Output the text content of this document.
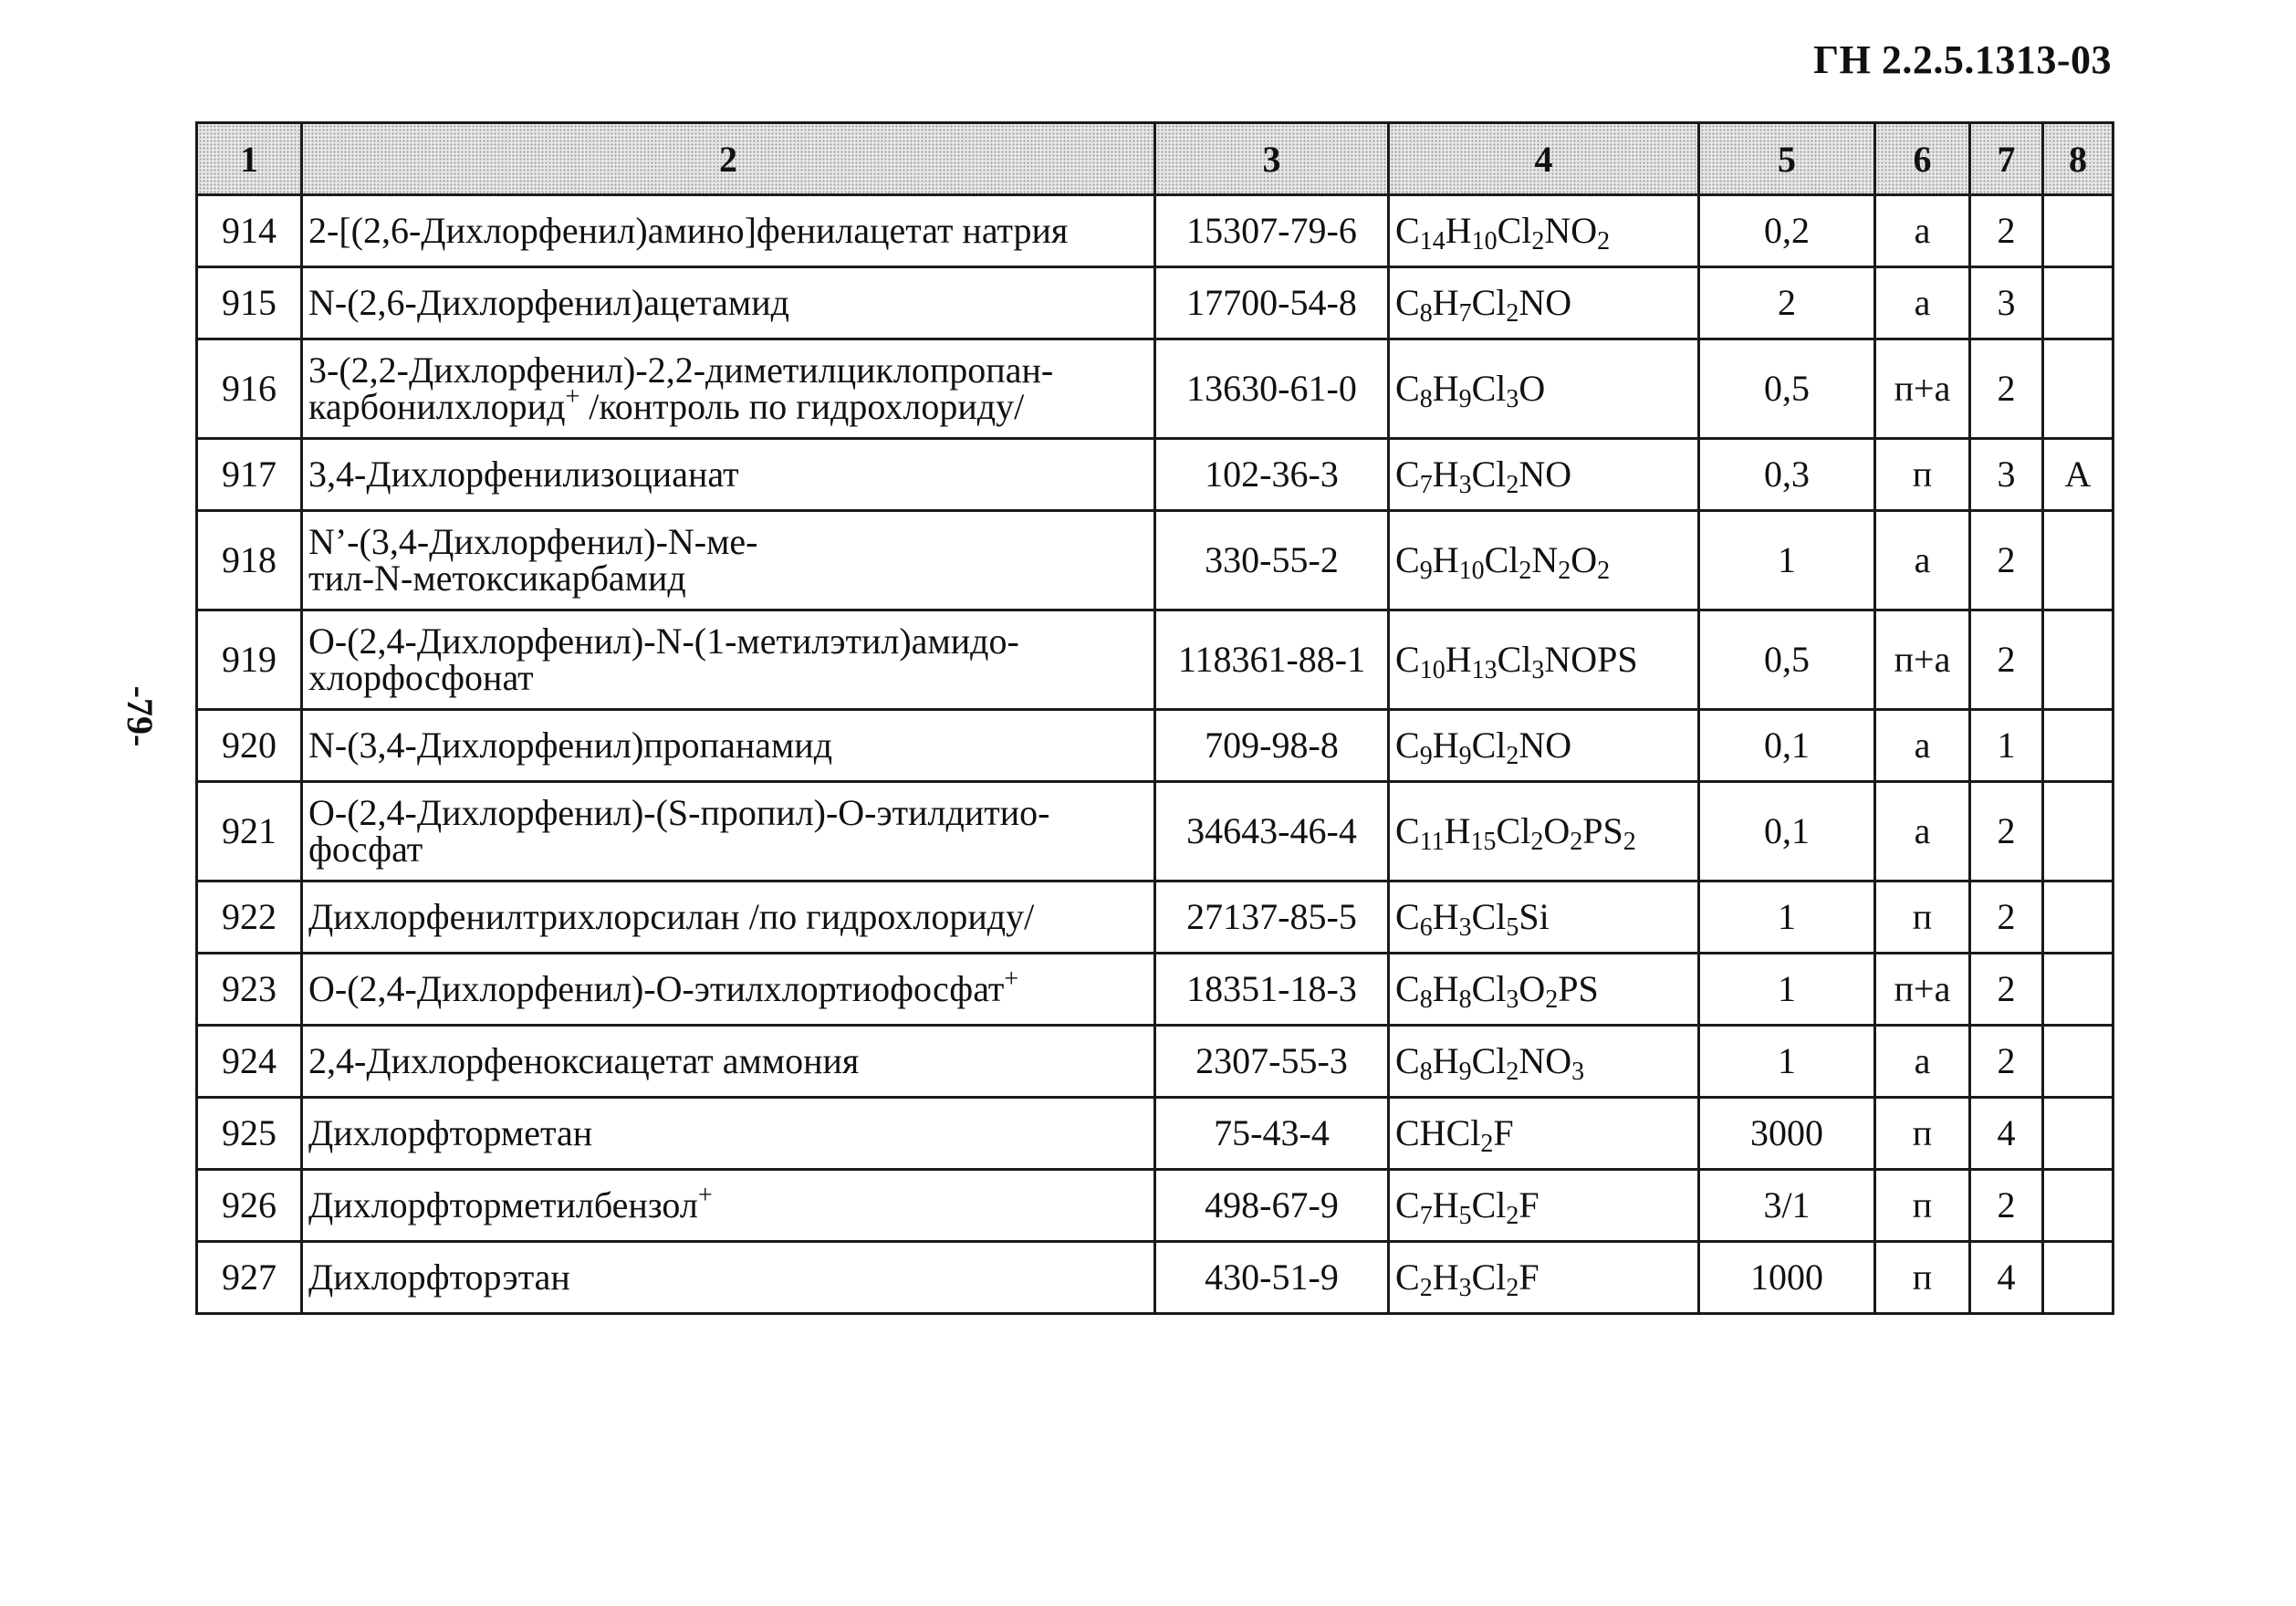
ГН 2.2.5.1313-03
-79-
1	2	3	4	5	6	7	8
914	2-[(2,6-Дихлорфенил)амино]фенилацетат натрия	15307-79-6	$C_{14}H_{10}Cl_2NO_2$	0,2	а	2	
915	N-(2,6-Дихлорфенил)ацетамид	17700-54-8	$C_8H_7Cl_2NO$	2	а	3	
916	3-(2,2-Дихлорфенил)-2,2-диметилциклопропан-
карбонилхлорид+ /контроль по гидрохлориду/	13630-61-0	$C_8H_9Cl_3O$	0,5	п+а	2	
917	3,4-Дихлорфенилизоцианат	102-36-3	$C_7H_3Cl_2NO$	0,3	п	3	А
918	N’-(3,4-Дихлорфенил)-N-ме-
тил-N-метоксикарбамид	330-55-2	$C_9H_{10}Cl_2N_2O_2$	1	а	2	
919	O-(2,4-Дихлорфенил)-N-(1-метилэтил)амидо-
хлорфосфонат	118361-88-1	$C_{10}H_{13}Cl_3NOPS$	0,5	п+а	2	
920	N-(3,4-Дихлорфенил)пропанамид	709-98-8	$C_9H_9Cl_2NO$	0,1	а	1	
921	O-(2,4-Дихлорфенил)-(S-пропил)-O-этилдитио-
фосфат	34643-46-4	$C_{11}H_{15}Cl_2O_2PS_2$	0,1	а	2	
922	Дихлорфенилтрихлорсилан /по гидрохлориду/	27137-85-5	$C_6H_3Cl_5Si$	1	п	2	
923	O-(2,4-Дихлорфенил)-O-этилхлортиофосфат+	18351-18-3	$C_8H_8Cl_3O_2PS$	1	п+а	2	
924	2,4-Дихлорфеноксиацетат аммония	2307-55-3	$C_8H_9Cl_2NO_3$	1	а	2	
925	Дихлорфторметан	75-43-4	CHCl$_2$F	3000	п	4	
926	Дихлорфторметилбензол+	498-67-9	$C_7H_5Cl_2F$	3/1	п	2	
927	Дихлорфторэтан	430-51-9	$C_2H_3Cl_2F$	1000	п	4	
